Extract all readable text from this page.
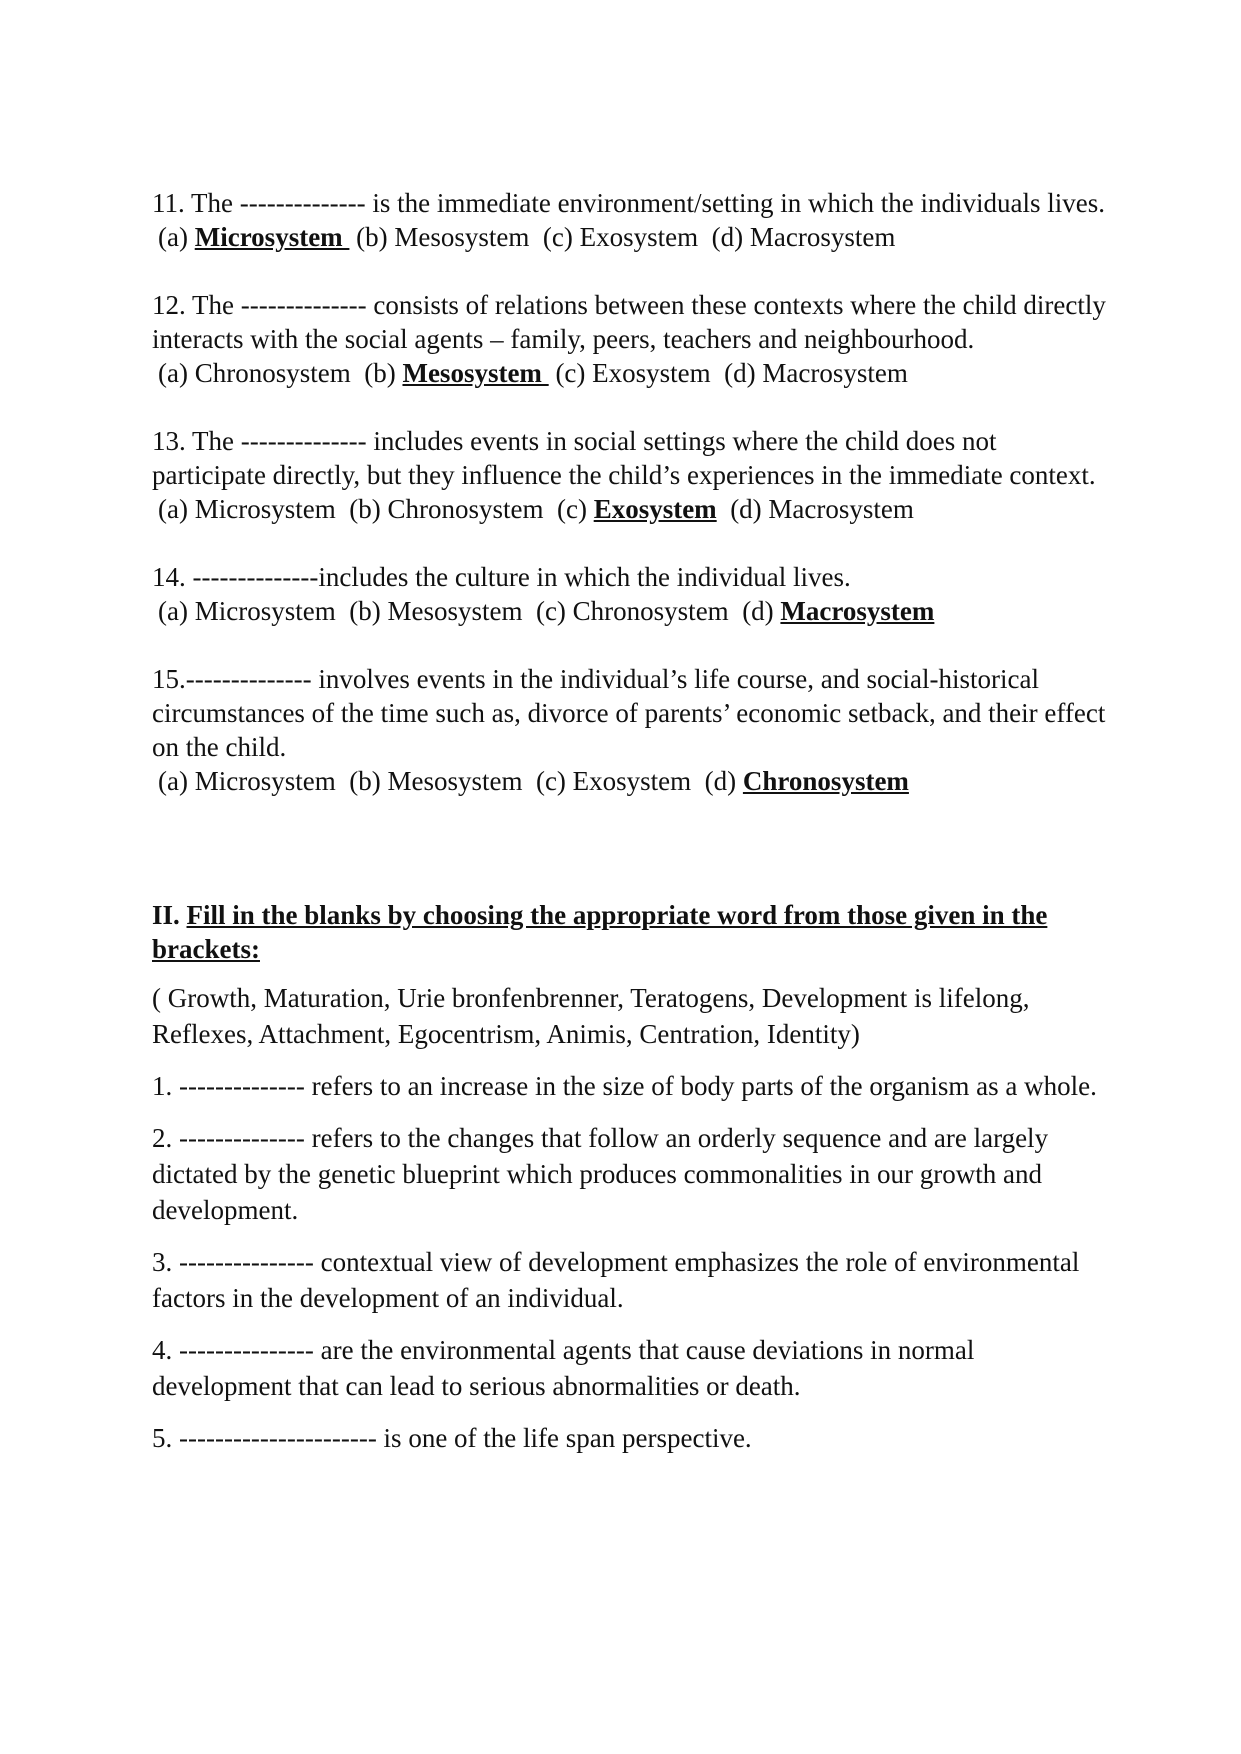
11. The -------------- is the immediate environment/setting in which the individuals lives.

(a) Microsystem  (b) Mesosystem  (c) Exosystem  (d) Macrosystem

12. The -------------- consists of relations between these contexts where the child directly interacts with the social agents – family, peers, teachers and neighbourhood.

(a) Chronosystem  (b) Mesosystem  (c) Exosystem  (d) Macrosystem

13. The -------------- includes events in social settings where the child does not participate directly, but they influence the child’s experiences in the immediate context.

(a) Microsystem  (b) Chronosystem  (c) Exosystem  (d) Macrosystem

14. --------------includes the culture in which the individual lives.

(a) Microsystem  (b) Mesosystem  (c) Chronosystem  (d) Macrosystem

15.-------------- involves events in the individual’s life course, and social-historical circumstances of the time such as, divorce of parents’ economic setback, and their effect on the child.

(a) Microsystem  (b) Mesosystem  (c) Exosystem  (d) Chronosystem

II. Fill in the blanks by choosing the appropriate word from those given in the brackets:

( Growth, Maturation, Urie bronfenbrenner, Teratogens, Development is lifelong, Reflexes, Attachment, Egocentrism, Animis, Centration, Identity)

1. -------------- refers to an increase in the size of body parts of the organism as a whole.

2. -------------- refers to the changes that follow an orderly sequence and are largely dictated by the genetic blueprint which produces commonalities in our growth and development.

3. --------------- contextual view of development emphasizes the role of environmental factors in the development of an individual.

4. --------------- are the environmental agents that cause deviations in normal development that can lead to serious abnormalities or death.

5. ---------------------- is one of the life span perspective.
